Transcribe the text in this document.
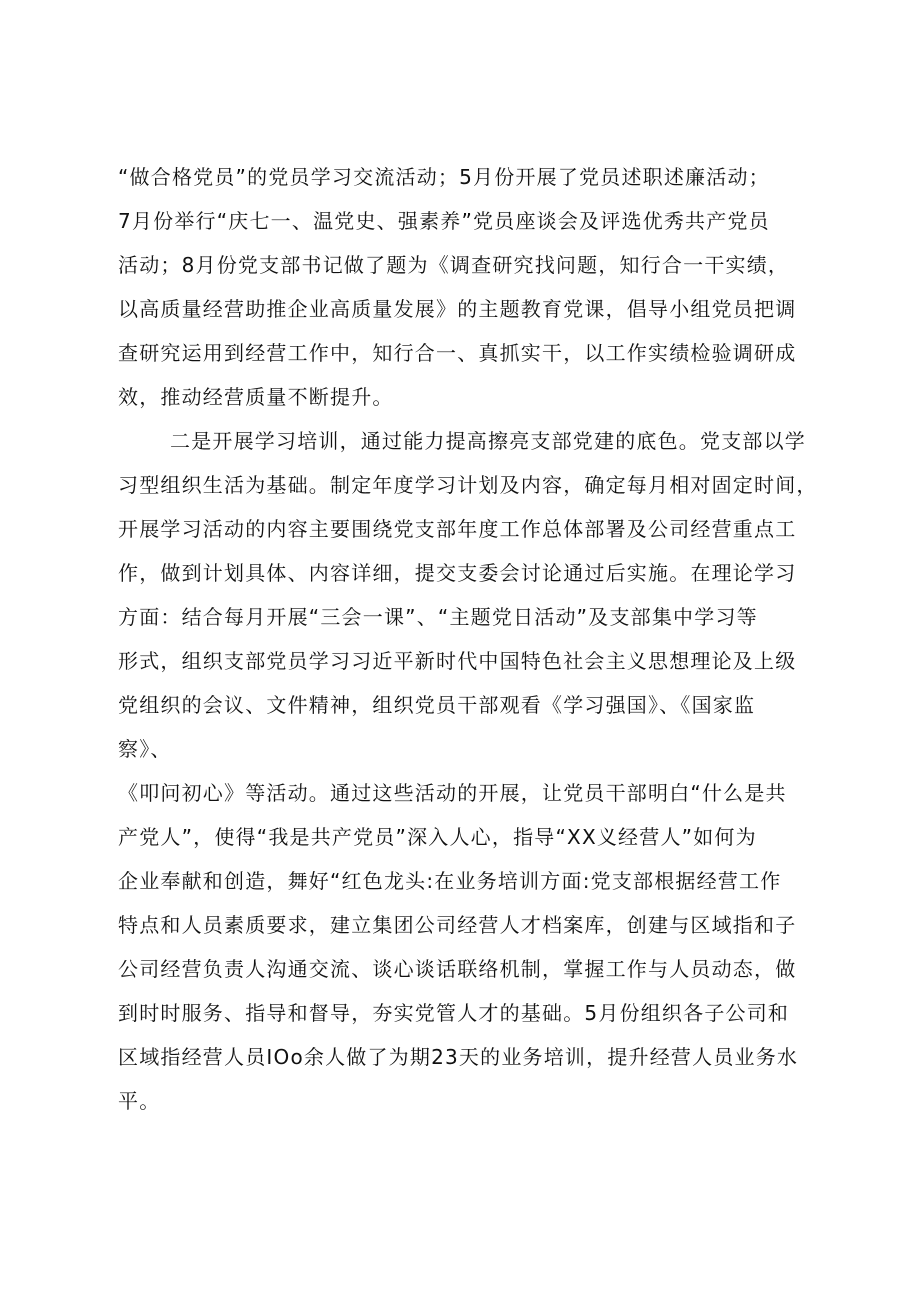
“做合格党员”的党员学习交流活动；5月份开展了党员述职述廉活动；
7月份举行“庆七一、温党史、强素养”党员座谈会及评选优秀共产党员
活动；8月份党支部书记做了题为《调查研究找问题，知行合一干实绩，
以高质量经营助推企业高质量发展》的主题教育党课，倡导小组党员把调
查研究运用到经营工作中，知行合一、真抓实干，以工作实绩检验调研成
效，推动经营质量不断提升。
二是开展学习培训，通过能力提高擦亮支部党建的底色。党支部以学
习型组织生活为基础。制定年度学习计划及内容，确定每月相对固定时间，
开展学习活动的内容主要围绕党支部年度工作总体部署及公司经营重点工
作，做到计划具体、内容详细，提交支委会讨论通过后实施。在理论学习
方面：结合每月开展“三会一课”、“主题党日活动”及支部集中学习等
形式，组织支部党员学习习近平新时代中国特色社会主义思想理论及上级
党组织的会议、文件精神，组织党员干部观看《学习强国》、《国家监
察》、
《叩问初心》等活动。通过这些活动的开展，让党员干部明白“什么是共
产党人”，使得“我是共产党员”深入人心，指导“XX义经营人”如何为
企业奉献和创造，舞好“红色龙头:在业务培训方面:党支部根据经营工作
特点和人员素质要求，建立集团公司经营人才档案库，创建与区域指和子
公司经营负责人沟通交流、谈心谈话联络机制，掌握工作与人员动态，做
到时时服务、指导和督导，夯实党管人才的基础。5月份组织各子公司和
区域指经营人员IOo余人做了为期23天的业务培训，提升经营人员业务水
平。
